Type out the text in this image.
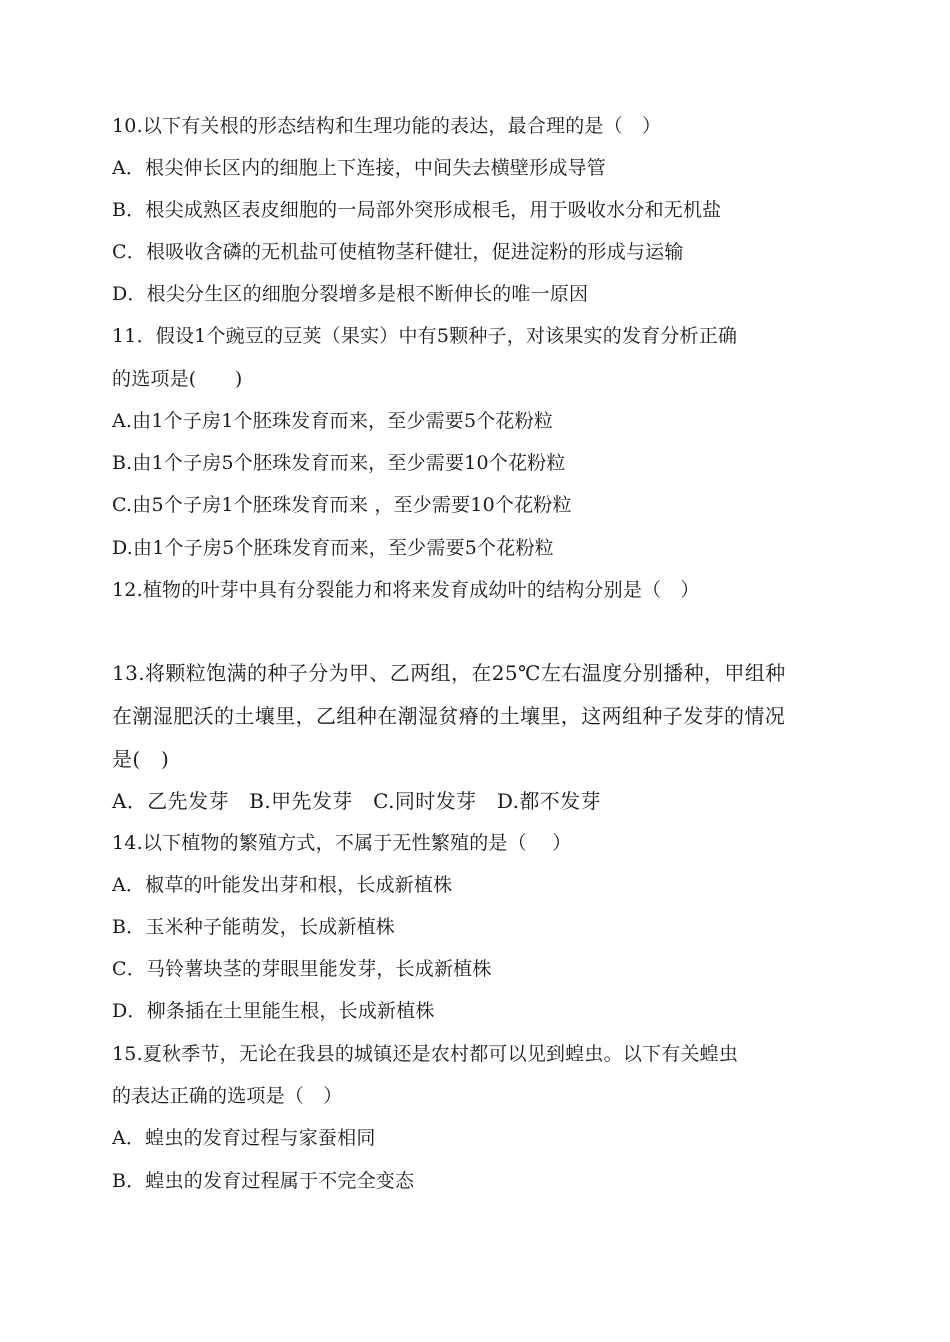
10.以下有关根的形态结构和生理功能的表达，最合理的是（　）
A．根尖伸长区内的细胞上下连接，中间失去横壁形成导管
B．根尖成熟区表皮细胞的一局部外突形成根毛，用于吸收水分和无机盐
C．根吸收含磷的无机盐可使植物茎秆健壮，促进淀粉的形成与运输
D．根尖分生区的细胞分裂增多是根不断伸长的唯一原因
11．假设1个豌豆的豆荚（果实）中有5颗种子，对该果实的发育分析正确
的选项是(　　)
A.由1个子房1个胚珠发育而来，至少需要5个花粉粒
B.由1个子房5个胚珠发育而来，至少需要10个花粉粒
C.由5个子房1个胚珠发育而来 ，至少需要10个花粉粒
D.由1个子房5个胚珠发育而来，至少需要5个花粉粒
12.植物的叶芽中具有分裂能力和将来发育成幼叶的结构分别是（　）
13.将颗粒饱满的种子分为甲、乙两组，在25℃左右温度分别播种，甲组种
在潮湿肥沃的土壤里，乙组种在潮湿贫瘠的土壤里，这两组种子发芽的情况
是(　)
A．乙先发芽　B.甲先发芽　C.同时发芽　D.都不发芽
14.以下植物的繁殖方式，不属于无性繁殖的是（　 ）
A．椒草的叶能发出芽和根，长成新植株
B．玉米种子能萌发，长成新植株
C．马铃薯块茎的芽眼里能发芽，长成新植株
D．柳条插在土里能生根，长成新植株
15.夏秋季节，无论在我县的城镇还是农村都可以见到蝗虫。以下有关蝗虫
的表达正确的选项是（　）
A．蝗虫的发育过程与家蚕相同
B．蝗虫的发育过程属于不完全变态
